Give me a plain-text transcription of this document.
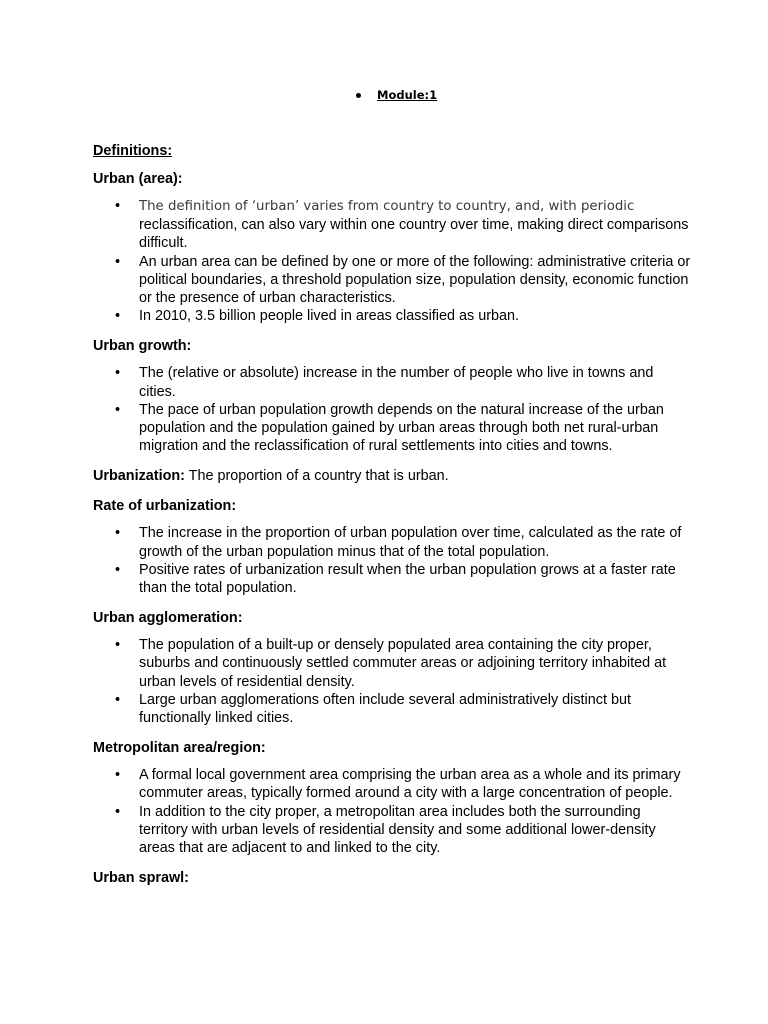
Module:1

Definitions:

Urban (area):

• The definition of ‘urban’ varies from country to country, and, with periodic
reclassification, can also vary within one country over time, making direct comparisons difficult.
• An urban area can be defined by one or more of the following: administrative criteria or political boundaries, a threshold population size, population density, economic function or the presence of urban characteristics.
• In 2010, 3.5 billion people lived in areas classified as urban.

Urban growth:

• The (relative or absolute) increase in the number of people who live in towns and cities.
• The pace of urban population growth depends on the natural increase of the urban population and the population gained by urban areas through both net rural-urban migration and the reclassification of rural settlements into cities and towns.

Urbanization: The proportion of a country that is urban.

Rate of urbanization:

• The increase in the proportion of urban population over time, calculated as the rate of growth of the urban population minus that of the total population.
• Positive rates of urbanization result when the urban population grows at a faster rate than the total population.

Urban agglomeration:

• The population of a built-up or densely populated area containing the city proper, suburbs and continuously settled commuter areas or adjoining territory inhabited at urban levels of residential density.
• Large urban agglomerations often include several administratively distinct but functionally linked cities.

Metropolitan area/region:

• A formal local government area comprising the urban area as a whole and its primary commuter areas, typically formed around a city with a large concentration of people.
• In addition to the city proper, a metropolitan area includes both the surrounding territory with urban levels of residential density and some additional lower-density areas that are adjacent to and linked to the city.

Urban sprawl:
